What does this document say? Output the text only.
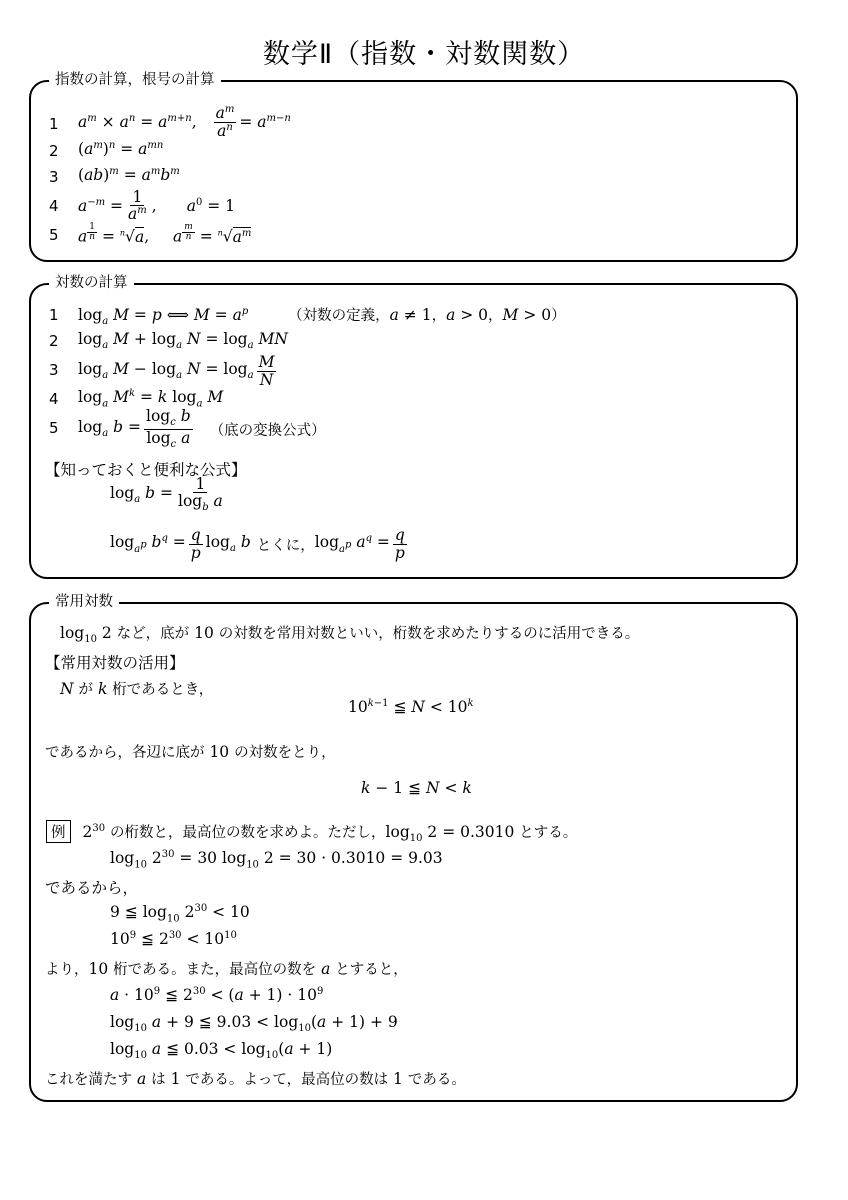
数学Ⅱ（指数・対数関数）
指数の計算，根号の計算
1 $a^m \times a^n = a^{m+n}$, $\frac{a^m}{a^n} = a^{m-n}$
2 $(a^m)^n = a^{mn}$
3 $(ab)^m = a^mb^m$
4 $a^{-m} = \frac{1}{a^m}$ , $a^0 = 1$
5 a $^{\frac{1}{n}}$ = $^n$√a,  a $^{\frac{m}{n}} = ^n√a^m$
対数の計算
1 $\log_a M = p$ ⟺ $M = a^p$	（対数の定義，a ≠ 1，a > 0，M > 0）
2 $\log_a M + \log_a N = \log_a$ MN
3 $\log_a M - \log_a N = \log_a \frac{M}{N}$
4 $\log_a M^k = k$ $\log_a M$
5 $\log_a b = \frac{\log_c b}{\log_c a}$ （底の変換公式）
【知っておくと便利な公式】
$\log_a b = \frac{1}{\log_b a}$
$\log_{a^p} b^q = \frac{q}{p} \log_a b$ とくに， $\log_{a^p} a^q = \frac{q}{p}$
常用対数
$\log_{10} 2$ など，底が 10 の対数を常用対数といい，桁数を求めたりするのに活用できる。
【常用対数の活用】
N が k 桁であるとき，
$10^{k-1}$ ≦ $N < 10^k$
であるから，各辺に底が 10 の対数をとり，
k − 1 ≦ N < k
例 $2^{30}$ の桁数と，最高位の数を求めよ。ただし，$\log_{10} 2 = 0.3010$ とする。
$\log_{10} 2^{30} = 30$ $\log_{10} 2 = 30 \cdot 0.3010 = 9.03$
であるから，
9 ≦ $\log_{10} 2^{30} < 10$
$10^9$ ≦ $2^{30} < 10^{10}$
より，10 桁である。また，最高位の数を a とすると，
$a \cdot 10^9$ ≦ $2^{30} < (a + 1) \cdot 10^9$
$\log_{10} a + 9$ ≦ $9.03 < \log_{10}(a + 1) + 9$
$\log_{10} a$ ≦ $0.03 < \log_{10}(a + 1)$
これを満たす a は 1 である。よって，最高位の数は 1 である。
